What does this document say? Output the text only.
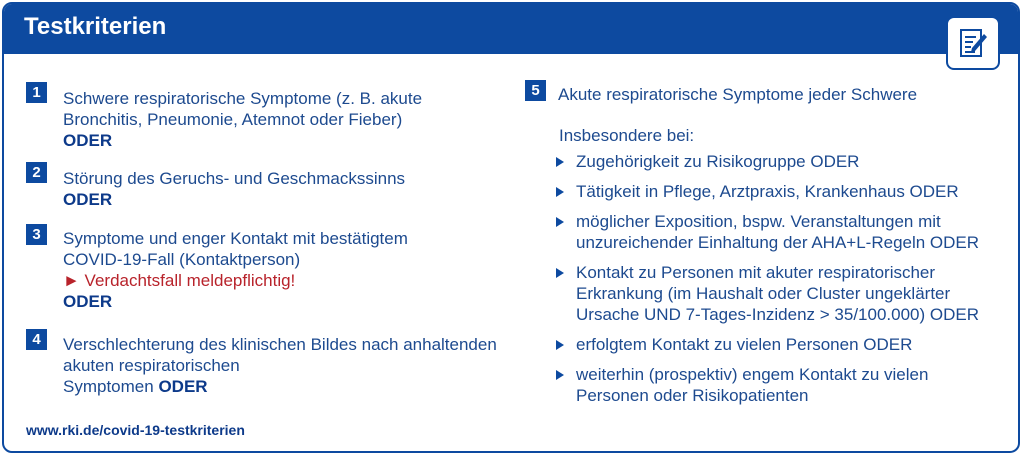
Testkriterien
1	Schwere respiratorische Symptome (z. B. akute
Bronchitis, Pneumonie, Atemnot oder Fieber)
ODER
2	Störung des Geruchs- und Geschmackssinns
ODER
3	Symptome und enger Kontakt mit bestätigtem
COVID-19-Fall (Kontaktperson)
► Verdachtsfall meldepflichtig!
ODER
4	Verschlechterung des klinischen Bildes nach anhaltenden
akuten respiratorischen
Symptomen ODER
5	Akute respiratorische Symptome jeder Schwere
Insbesondere bei:
Zugehörigkeit zu Risikogruppe ODER
Tätigkeit in Pflege, Arztpraxis, Krankenhaus ODER
möglicher Exposition, bspw. Veranstaltungen mit
unzureichender Einhaltung der AHA+L-Regeln ODER
Kontakt zu Personen mit akuter respiratorischer
Erkrankung (im Haushalt oder Cluster ungeklärter
Ursache UND 7-Tages-Inzidenz > 35/100.000) ODER
erfolgtem Kontakt zu vielen Personen ODER
weiterhin (prospektiv) engem Kontakt zu vielen
Personen oder Risikopatienten
www.rki.de/covid-19-testkriterien
